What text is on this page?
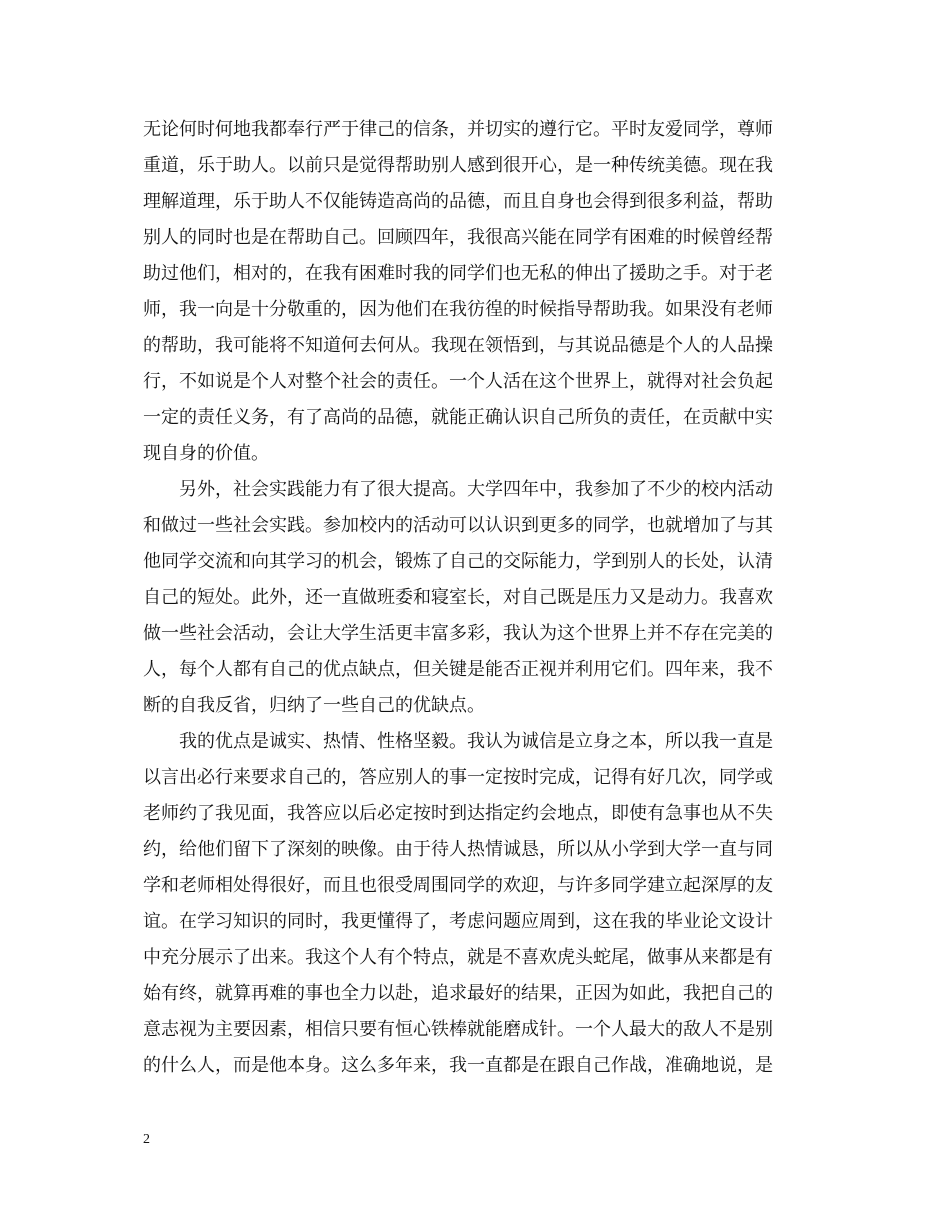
无论何时何地我都奉行严于律己的信条，并切实的遵行它。平时友爱同学，尊师
重道，乐于助人。以前只是觉得帮助别人感到很开心，是一种传统美德。现在我
理解道理，乐于助人不仅能铸造高尚的品德，而且自身也会得到很多利益，帮助
别人的同时也是在帮助自己。回顾四年，我很高兴能在同学有困难的时候曾经帮
助过他们，相对的，在我有困难时我的同学们也无私的伸出了援助之手。对于老
师，我一向是十分敬重的，因为他们在我彷徨的时候指导帮助我。如果没有老师
的帮助，我可能将不知道何去何从。我现在领悟到，与其说品德是个人的人品操
行，不如说是个人对整个社会的责任。一个人活在这个世界上，就得对社会负起
一定的责任义务，有了高尚的品德，就能正确认识自己所负的责任，在贡献中实
现自身的价值。
另外，社会实践能力有了很大提高。大学四年中，我参加了不少的校内活动
和做过一些社会实践。参加校内的活动可以认识到更多的同学，也就增加了与其
他同学交流和向其学习的机会，锻炼了自己的交际能力，学到别人的长处，认清
自己的短处。此外，还一直做班委和寝室长，对自己既是压力又是动力。我喜欢
做一些社会活动，会让大学生活更丰富多彩，我认为这个世界上并不存在完美的
人，每个人都有自己的优点缺点，但关键是能否正视并利用它们。四年来，我不
断的自我反省，归纳了一些自己的优缺点。
我的优点是诚实、热情、性格坚毅。我认为诚信是立身之本，所以我一直是
以言出必行来要求自己的，答应别人的事一定按时完成，记得有好几次，同学或
老师约了我见面，我答应以后必定按时到达指定约会地点，即使有急事也从不失
约，给他们留下了深刻的映像。由于待人热情诚恳，所以从小学到大学一直与同
学和老师相处得很好，而且也很受周围同学的欢迎，与许多同学建立起深厚的友
谊。在学习知识的同时，我更懂得了，考虑问题应周到，这在我的毕业论文设计
中充分展示了出来。我这个人有个特点，就是不喜欢虎头蛇尾，做事从来都是有
始有终，就算再难的事也全力以赴，追求最好的结果，正因为如此，我把自己的
意志视为主要因素，相信只要有恒心铁棒就能磨成针。一个人最大的敌人不是别
的什么人，而是他本身。这么多年来，我一直都是在跟自己作战，准确地说，是
2
